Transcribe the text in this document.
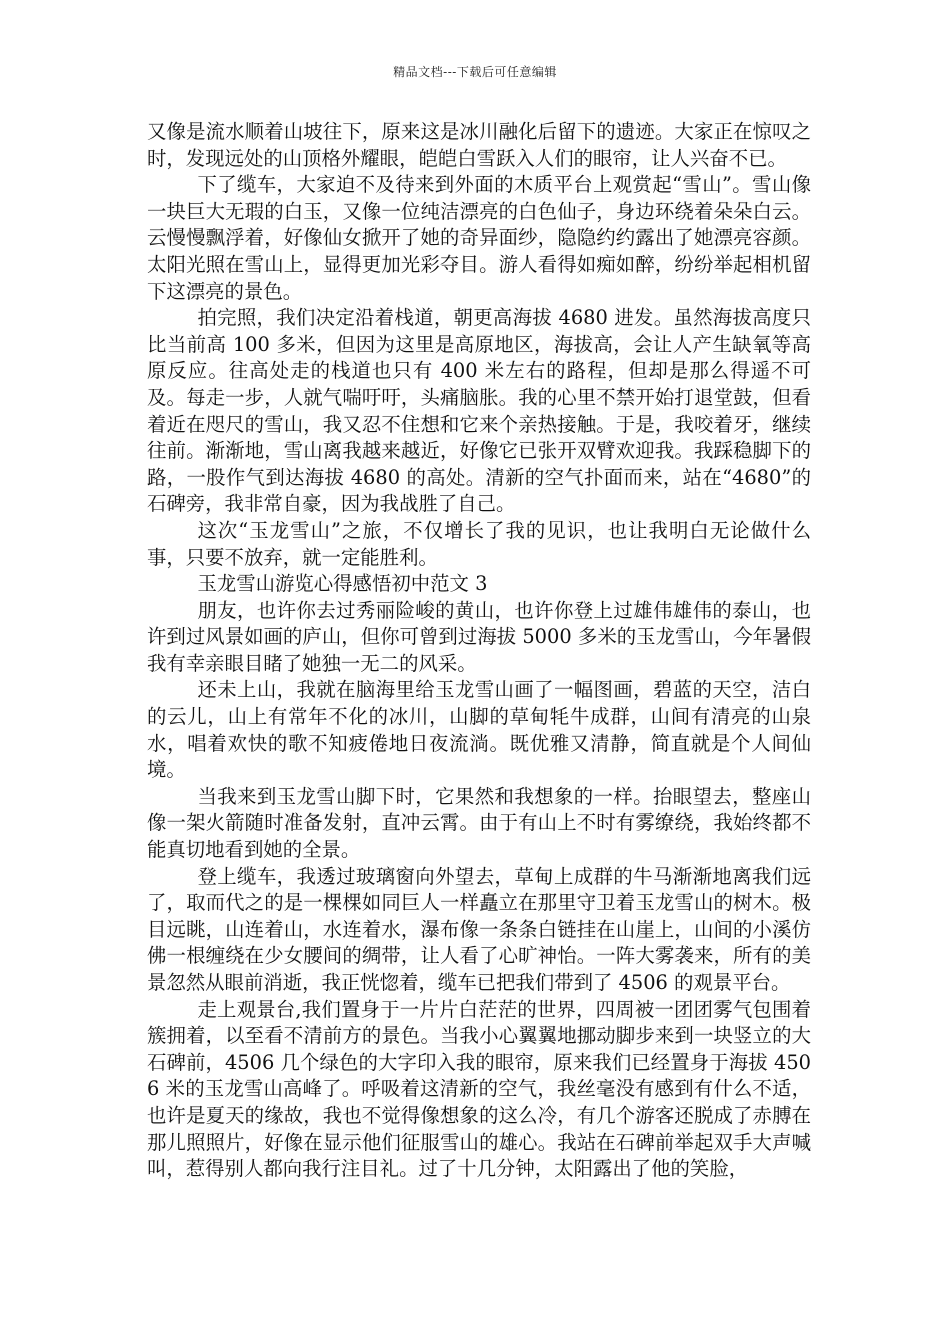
精品文档---下载后可任意编辑

又像是流水顺着山坡往下，原来这是冰川融化后留下的遗迹。大家正在惊叹之时，发现远处的山顶格外耀眼，皑皑白雪跃入人们的眼帘，让人兴奋不已。

下了缆车，大家迫不及待来到外面的木质平台上观赏起“雪山”。雪山像一块巨大无瑕的白玉，又像一位纯洁漂亮的白色仙子，身边环绕着朵朵白云。云慢慢飘浮着，好像仙女掀开了她的奇异面纱，隐隐约约露出了她漂亮容颜。太阳光照在雪山上，显得更加光彩夺目。游人看得如痴如醉，纷纷举起相机留下这漂亮的景色。

拍完照，我们决定沿着栈道，朝更高海拔 4680 进发。虽然海拔高度只比当前高 100 多米，但因为这里是高原地区，海拔高，会让人产生缺氧等高原反应。往高处走的栈道也只有 400 米左右的路程，但却是那么得遥不可及。每走一步，人就气喘吁吁，头痛脑胀。我的心里不禁开始打退堂鼓，但看着近在咫尺的雪山，我又忍不住想和它来个亲热接触。于是，我咬着牙，继续往前。渐渐地，雪山离我越来越近，好像它已张开双臂欢迎我。我踩稳脚下的路，一股作气到达海拔 4680 的高处。清新的空气扑面而来，站在“4680”的石碑旁，我非常自豪，因为我战胜了自己。

这次“玉龙雪山”之旅，不仅增长了我的见识，也让我明白无论做什么事，只要不放弃，就一定能胜利。

玉龙雪山游览心得感悟初中范文 3

朋友，也许你去过秀丽险峻的黄山，也许你登上过雄伟雄伟的泰山，也许到过风景如画的庐山，但你可曾到过海拔 5000 多米的玉龙雪山，今年暑假我有幸亲眼目睹了她独一无二的风采。

还未上山，我就在脑海里给玉龙雪山画了一幅图画，碧蓝的天空，洁白的云儿，山上有常年不化的冰川，山脚的草甸牦牛成群，山间有清亮的山泉水，唱着欢快的歌不知疲倦地日夜流淌。既优雅又清静，简直就是个人间仙境。

当我来到玉龙雪山脚下时，它果然和我想象的一样。抬眼望去，整座山像一架火箭随时准备发射，直冲云霄。由于有山上不时有雾缭绕，我始终都不能真切地看到她的全景。

登上缆车，我透过玻璃窗向外望去，草甸上成群的牛马渐渐地离我们远了，取而代之的是一棵棵如同巨人一样矗立在那里守卫着玉龙雪山的树木。极目远眺，山连着山，水连着水，瀑布像一条条白链挂在山崖上，山间的小溪仿佛一根缠绕在少女腰间的绸带，让人看了心旷神怡。一阵大雾袭来，所有的美景忽然从眼前消逝，我正恍惚着，缆车已把我们带到了 4506 的观景平台。

走上观景台,我们置身于一片片白茫茫的世界，四周被一团团雾气包围着簇拥着，以至看不清前方的景色。当我小心翼翼地挪动脚步来到一块竖立的大石碑前，4506 几个绿色的大字印入我的眼帘，原来我们已经置身于海拔 4506 米的玉龙雪山高峰了。呼吸着这清新的空气，我丝毫没有感到有什么不适，也许是夏天的缘故，我也不觉得像想象的这么冷，有几个游客还脱成了赤膊在那儿照照片，好像在显示他们征服雪山的雄心。我站在石碑前举起双手大声喊叫，惹得别人都向我行注目礼。过了十几分钟，太阳露出了他的笑脸，
